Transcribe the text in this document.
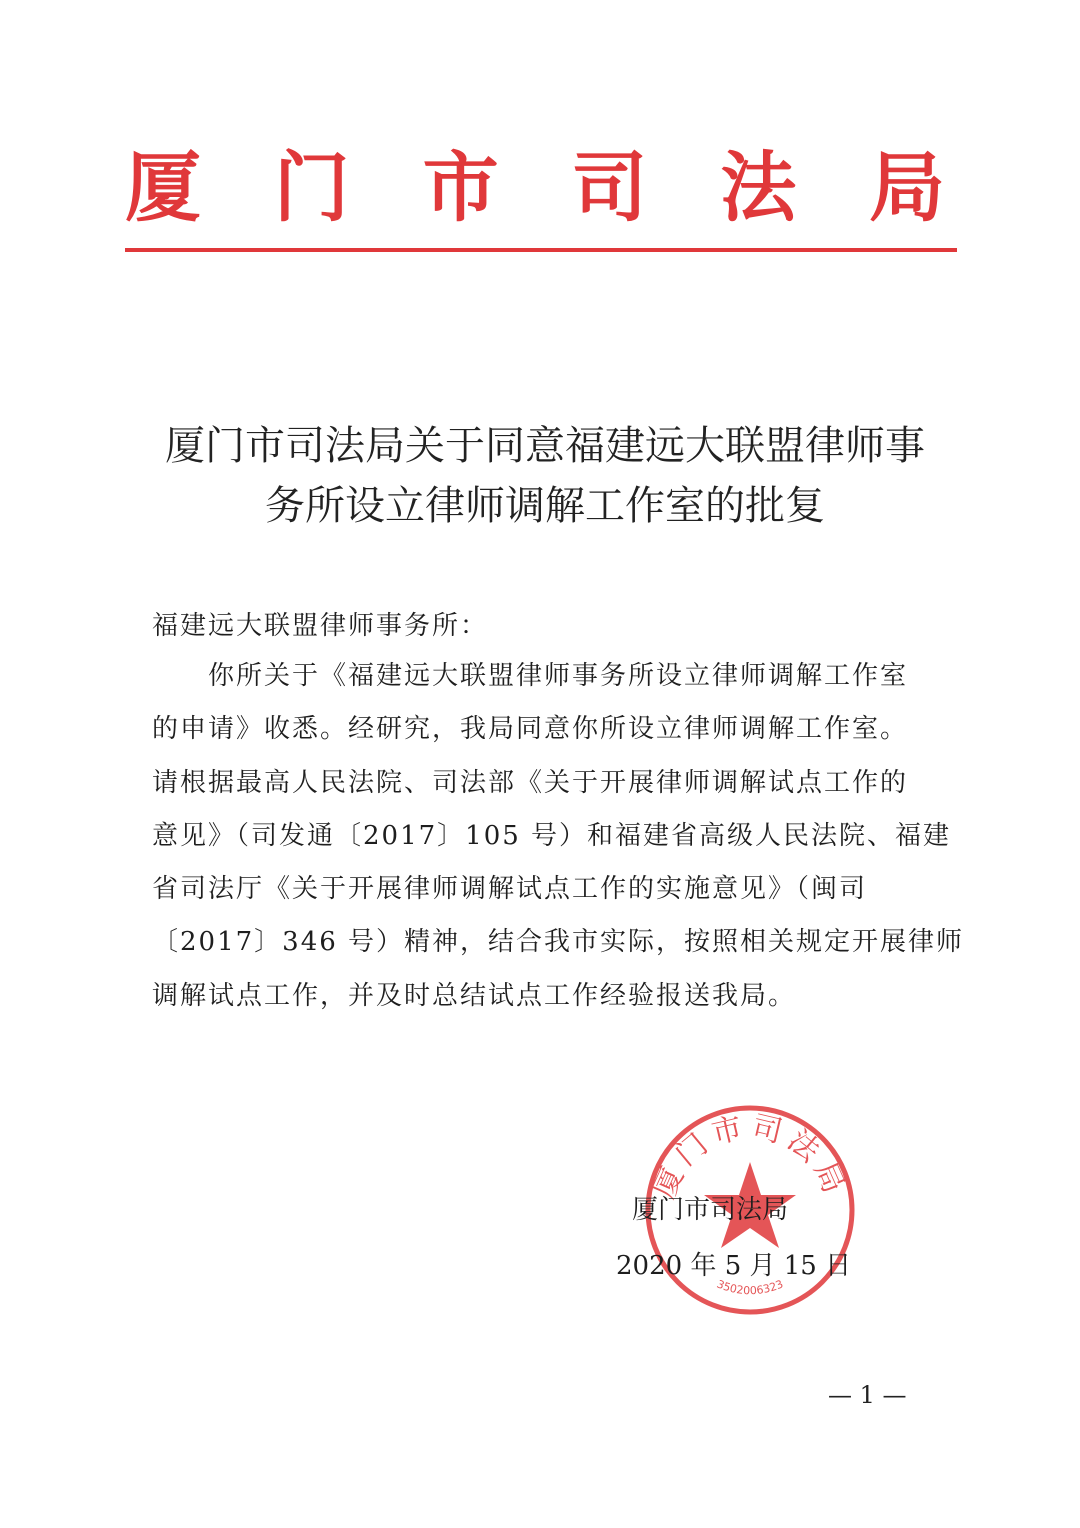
厦 门 市 司 法 局
厦门市司法局关于同意福建远大联盟律师事
务所设立律师调解工作室的批复
福建远大联盟律师事务所：
你所关于《福建远大联盟律师事务所设立律师调解工作室
的申请》收悉。经研究，我局同意你所设立律师调解工作室。
请根据最高人民法院、司法部《关于开展律师调解试点工作的
意见》（司发通〔2017〕105 号）和福建省高级人民法院、福建
省司法厅《关于开展律师调解试点工作的实施意见》（闽司
〔2017〕346 号）精神，结合我市实际，按照相关规定开展律师
调解试点工作，并及时总结试点工作经验报送我局。
厦门市司法局
3502006323
厦门市司法局
2020 年 5 月 15 日
— 1 —
